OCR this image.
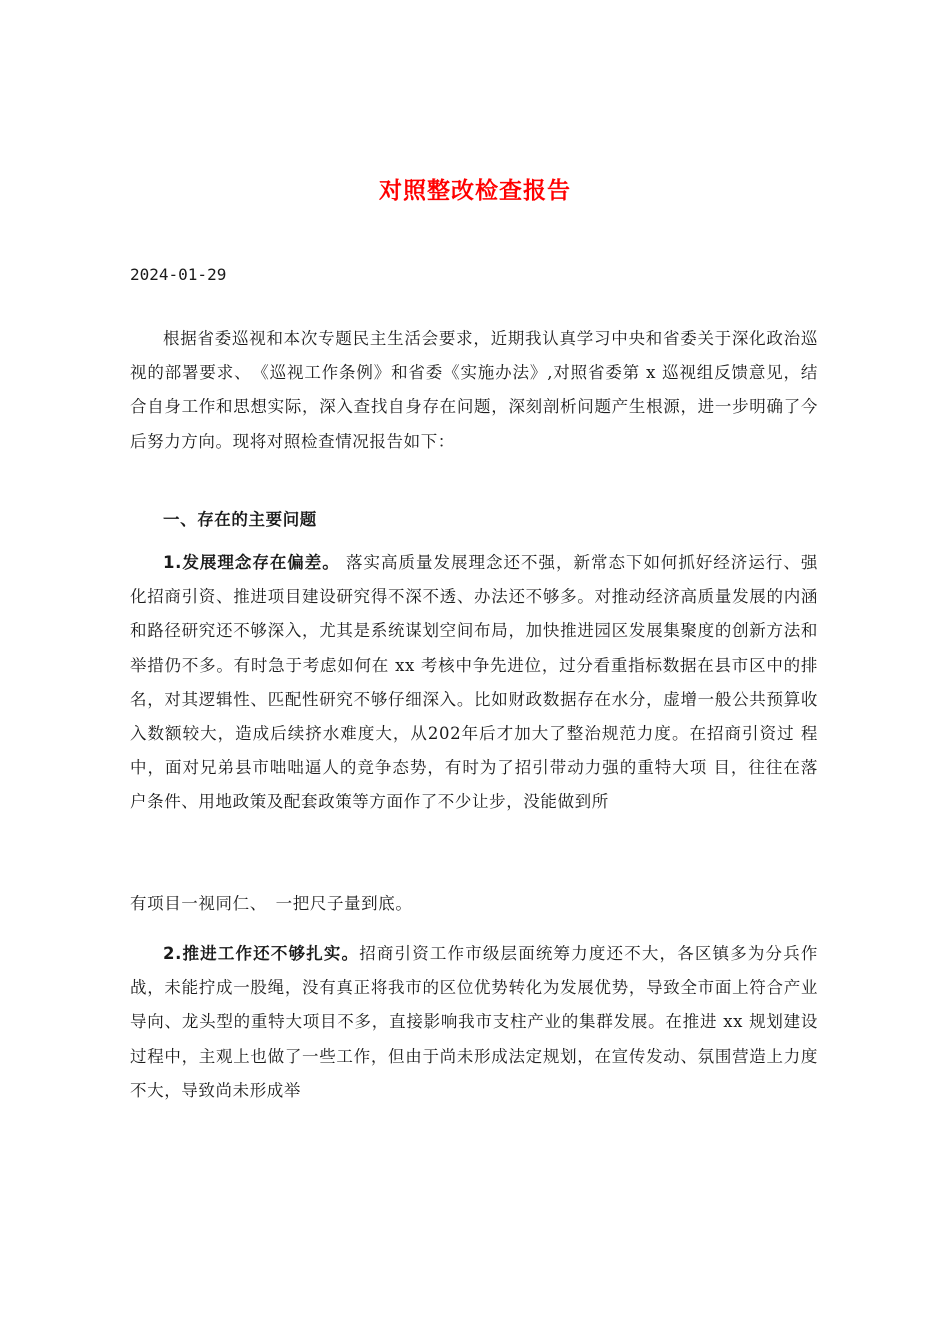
对照整改检查报告
2024-01-29

根据省委巡视和本次专题民主生活会要求，近期我认真学习中央和省委关于深化政治巡视的部署要求、　《巡视工作条例》和省委《实施办法》,对照省委第 x 巡视组反馈意见，结合自身工作和思想实际，深入查找自身存在问题，深刻剖析问题产生根源，进一步明确了今后努力方向。现将对照检查情况报告如下：

一、存在的主要问题

1.发展理念存在偏差。 落实高质量发展理念还不强，新常态下如何抓好经济运行、强化招商引资、推进项目建设研究得不深不透、办法还不够多。对推动经济高质量发展的内涵和路径研究还不够深入，尤其是系统谋划空间布局，加快推进园区发展集聚度的创新方法和举措仍不多。有时急于考虑如何在 xx 考核中争先进位，过分看重指标数据在县市区中的排名，对其逻辑性、匹配性研究不够仔细深入。比如财政数据存在水分，虚增一般公共预算收入数额较大，造成后续挤水难度大，从202年后才加大了整治规范力度。在招商引资过 程中，面对兄弟县市咄咄逼人的竞争态势，有时为了招引带动力强的重特大项 目，往往在落户条件、用地政策及配套政策等方面作了不少让步，没能做到所

有项目一视同仁、　一把尺子量到底。

2.推进工作还不够扎实。招商引资工作市级层面统筹力度还不大，各区镇多为分兵作战，未能拧成一股绳，没有真正将我市的区位优势转化为发展优势，导致全市面上符合产业导向、龙头型的重特大项目不多，直接影响我市支柱产业的集群发展。在推进 xx 规划建设过程中，主观上也做了一些工作，但由于尚未形成法定规划，在宣传发动、氛围营造上力度不大，导致尚未形成举
